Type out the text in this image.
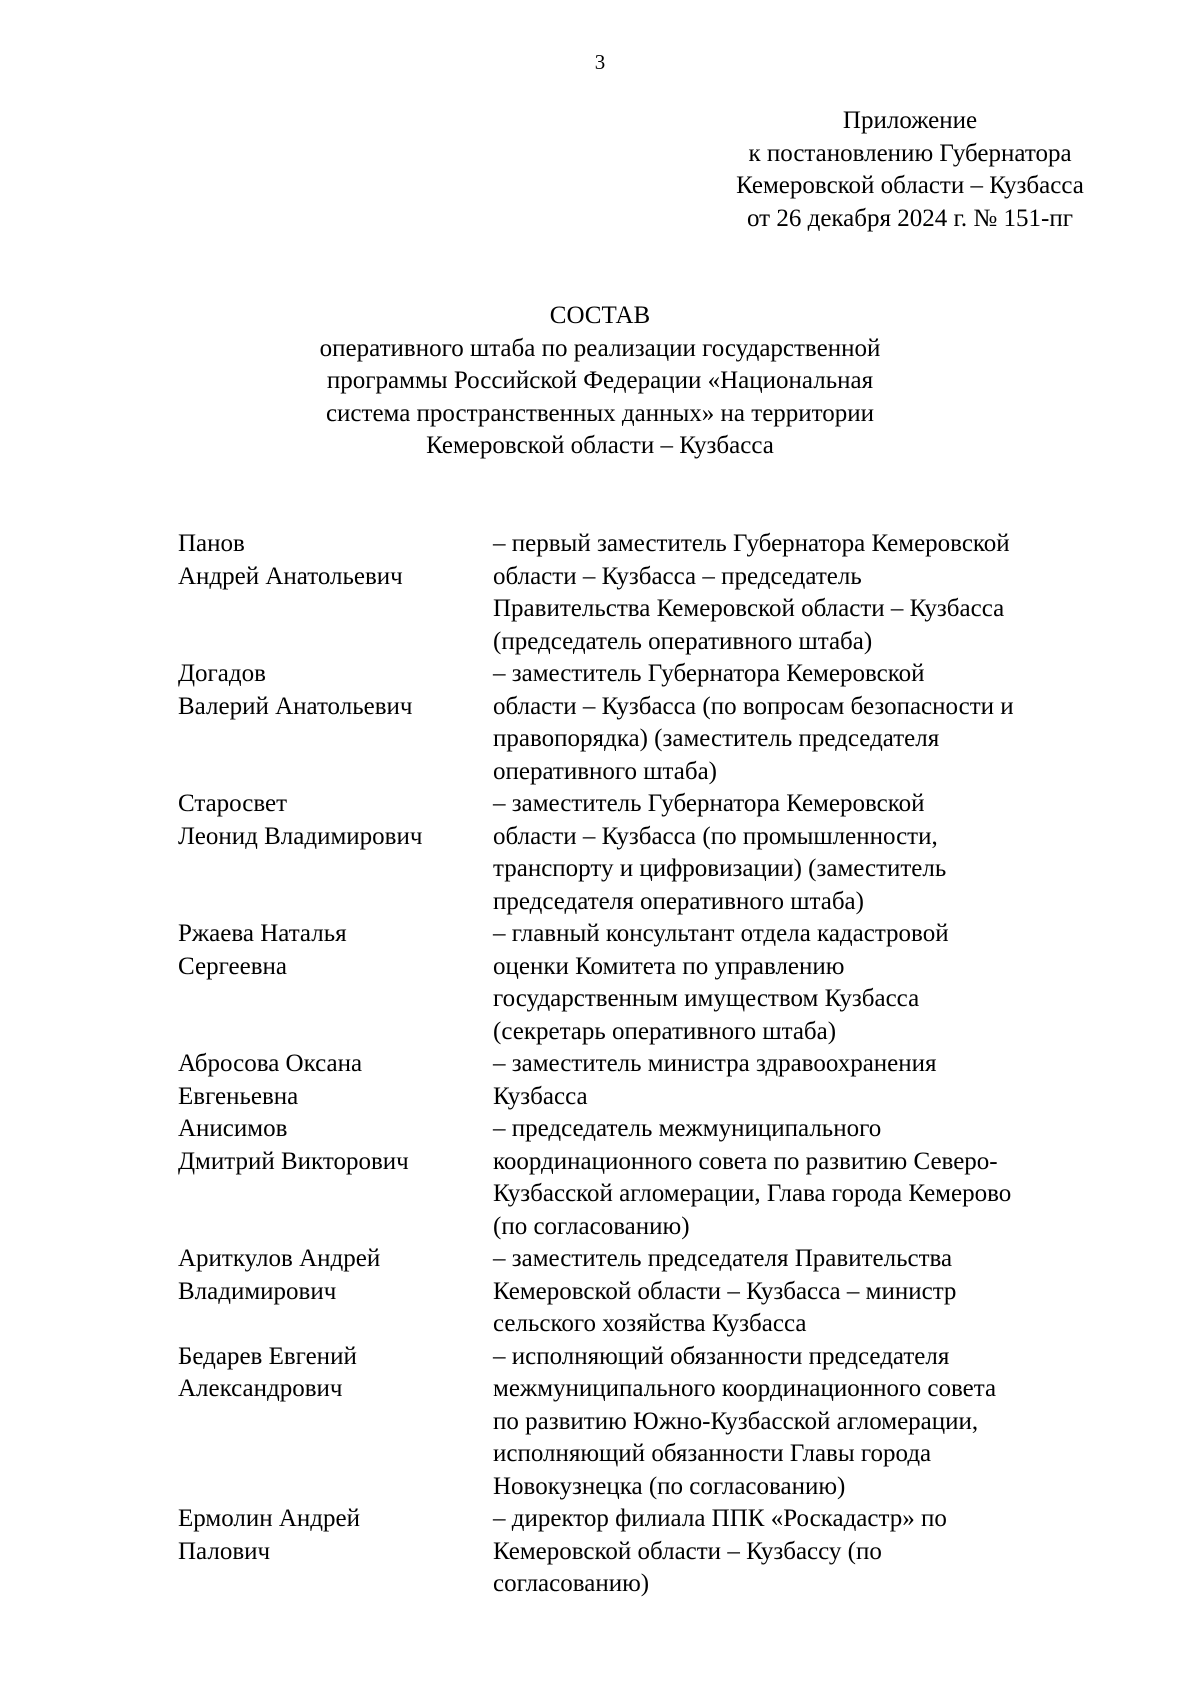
3
Приложение
к постановлению Губернатора
Кемеровской области – Кузбасса
от 26 декабря 2024 г. № 151-пг
СОСТАВ
оперативного штаба по реализации государственной
программы Российской Федерации «Национальная
система пространственных данных» на территории
Кемеровской области – Кузбасса
Панов
Андрей Анатольевич
– первый заместитель Губернатора Кемеровской
области – Кузбасса – председатель
Правительства Кемеровской области – Кузбасса
(председатель оперативного штаба)
Догадов
Валерий Анатольевич
– заместитель Губернатора Кемеровской
области – Кузбасса (по вопросам безопасности и
правопорядка) (заместитель председателя
оперативного штаба)
Старосвет
Леонид Владимирович
– заместитель Губернатора Кемеровской
области – Кузбасса (по промышленности,
транспорту и цифровизации) (заместитель
председателя оперативного штаба)
Ржаева Наталья
Сергеевна
– главный консультант отдела кадастровой
оценки Комитета по управлению
государственным имуществом Кузбасса
(секретарь оперативного штаба)
Абросова Оксана
Евгеньевна
– заместитель министра здравоохранения
Кузбасса
Анисимов
Дмитрий Викторович
– председатель межмуниципального
координационного совета по развитию Северо-
Кузбасской агломерации, Глава города Кемерово
(по согласованию)
Ариткулов Андрей
Владимирович
– заместитель председателя Правительства
Кемеровской области – Кузбасса – министр
сельского хозяйства Кузбасса
Бедарев Евгений
Александрович
– исполняющий обязанности председателя
межмуниципального координационного совета
по развитию Южно-Кузбасской агломерации,
исполняющий обязанности Главы города
Новокузнецка (по согласованию)
Ермолин Андрей
Палович
– директор филиала ППК «Роскадастр» по
Кемеровской области – Кузбассу (по
согласованию)
